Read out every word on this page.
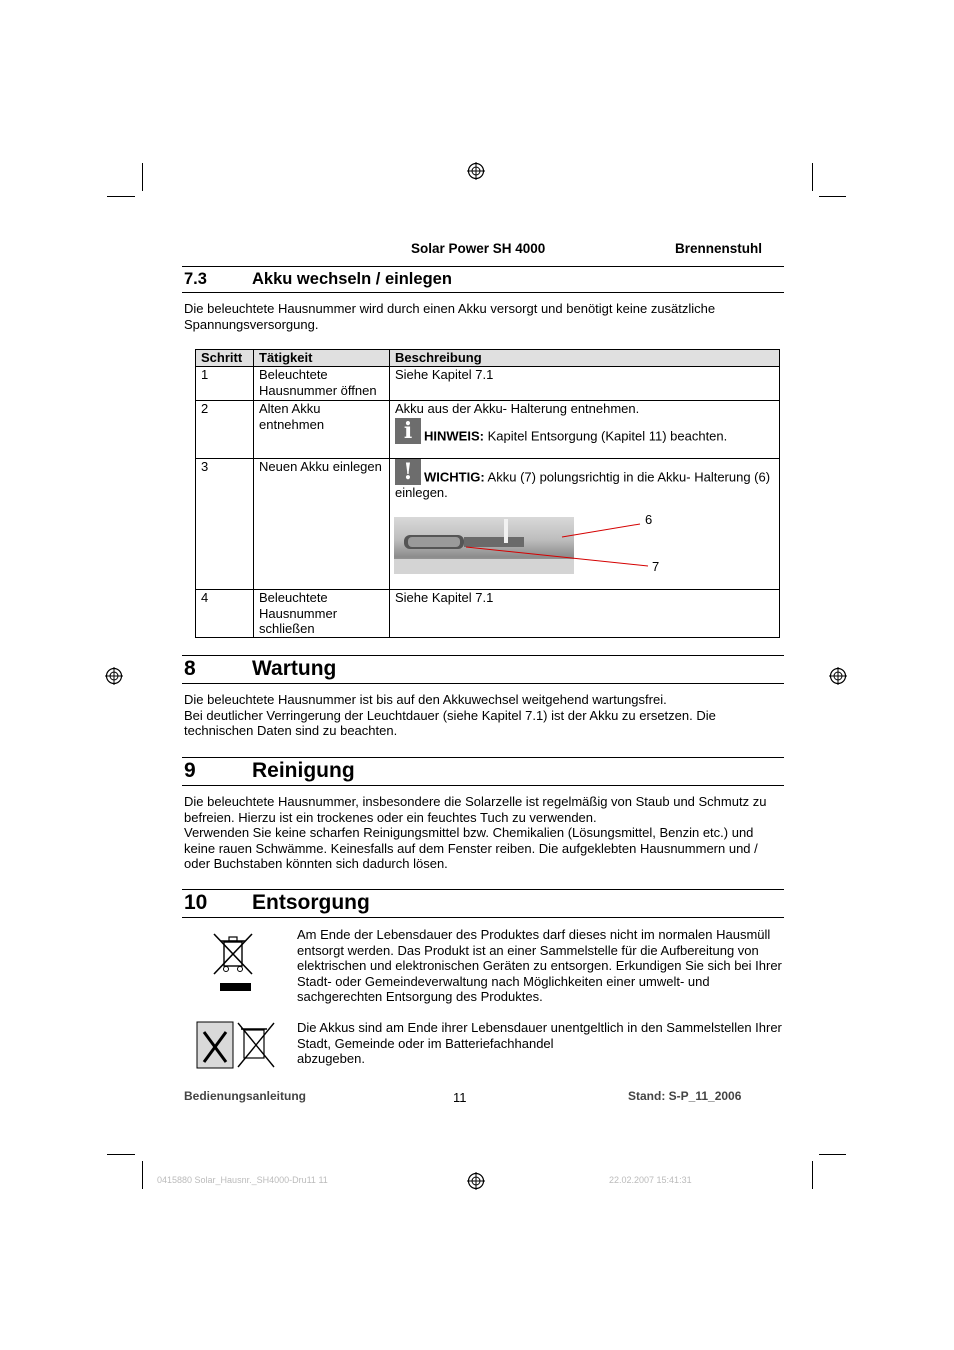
Solar Power SH 4000	Brennenstuhl
7.3	Akku wechseln / einlegen
Die beleuchtete Hausnummer wird durch einen Akku versorgt und benötigt keine zusätzliche Spannungsversorgung.
Schritt	Tätigkeit	Beschreibung
1	Beleuchtete Hausnummer öffnen	Siehe Kapitel 7.1
2	Alten Akku entnehmen	Akku aus der Akku- Halterung entnehmen.
i HINWEIS: Kapitel Entsorgung (Kapitel 11) beachten.

3	Neuen Akku einlegen	! WICHTIG: Akku (7) polungsrichtig in die Akku- Halterung (6) einlegen.

4	Beleuchtete Hausnummer schließen	Siehe Kapitel 7.1
6
7
8	Wartung
Die beleuchtete Hausnummer ist bis auf den Akkuwechsel weitgehend wartungsfrei.
Bei deutlicher Verringerung der Leuchtdauer (siehe Kapitel 7.1) ist der Akku zu ersetzen. Die technischen Daten sind zu beachten.
9	Reinigung
Die beleuchtete Hausnummer, insbesondere die Solarzelle ist regelmäßig von Staub und Schmutz zu befreien. Hierzu ist ein trockenes oder ein feuchtes Tuch zu verwenden.
Verwenden Sie keine scharfen Reinigungsmittel bzw. Chemikalien (Lösungsmittel, Benzin etc.) und keine rauen Schwämme. Keinesfalls auf dem Fenster reiben. Die aufgeklebten Hausnummern und / oder Buchstaben könnten sich dadurch lösen.
10 Entsorgung
Am Ende der Lebensdauer des Produktes darf dieses nicht im normalen Hausmüll entsorgt werden. Das Produkt ist an einer Sammelstelle für die Aufbereitung von elektrischen und elektronischen Geräten zu entsorgen. Erkundigen Sie sich bei Ihrer Stadt- oder Gemeindeverwaltung nach Möglichkeiten einer umwelt- und sachgerechten Entsorgung des Produktes.
Die Akkus sind am Ende ihrer Lebensdauer unentgeltlich in den Sammelstellen Ihrer Stadt, Gemeinde oder im Batteriefachhandel
abzugeben.
Bedienungsanleitung	11	Stand: S-P_11_2006
0415880 Solar_Hausnr._SH4000-Dru11 11	22.02.2007 15:41:31
